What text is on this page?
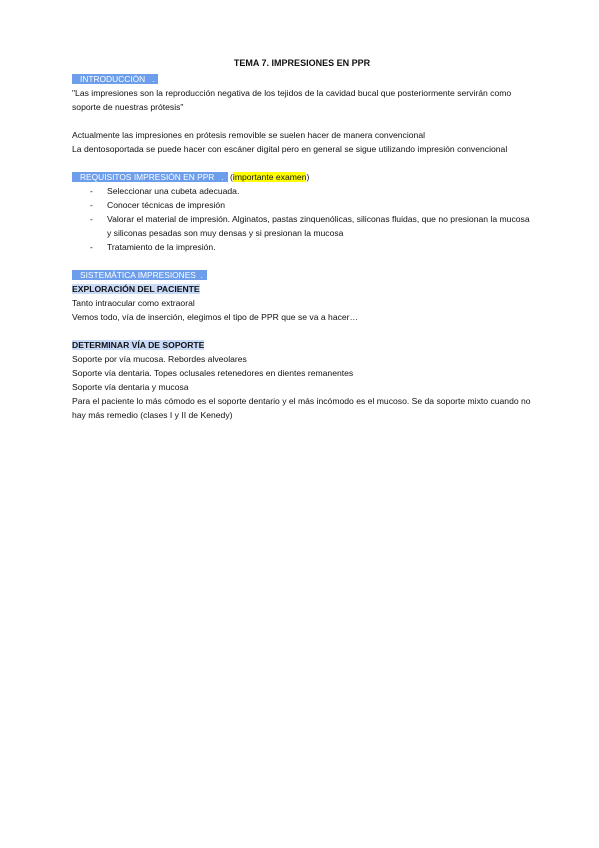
TEMA 7. IMPRESIONES EN PPR
INTRODUCCIÓN .

"Las impresiones son la reproducción negativa de los tejidos de la cavidad bucal que posteriormente servirán como soporte de nuestras prótesis"

Actualmente las impresiones en prótesis removible se suelen hacer de manera convencional

La dentosoportada se puede hacer con escáner digital pero en general se sigue utilizando impresión convencional

REQUISITOS IMPRESIÓN EN PPR . (importante examen)
- Seleccionar una cubeta adecuada.
- Conocer técnicas de impresión
- Valorar el material de impresión. Alginatos, pastas zinquenólicas, siliconas fluidas, que no presionan la mucosa y siliconas pesadas son muy densas y si presionan la mucosa
- Tratamiento de la impresión.
SISTEMÁTICA IMPRESIONES .
EXPLORACIÓN DEL PACIENTE

Tanto intraocular como extraoral

Vemos todo, vía de inserción, elegimos el tipo de PPR que se va a hacer…

DETERMINAR VÍA DE SOPORTE

Soporte por vía mucosa. Rebordes alveolares

Soporte vía dentaria. Topes oclusales retenedores en dientes remanentes

Soporte vía dentaria y mucosa

Para el paciente lo más cómodo es el soporte dentario y el más incómodo es el mucoso. Se da soporte mixto cuando no hay más remedio (clases I y II de Kenedy)
